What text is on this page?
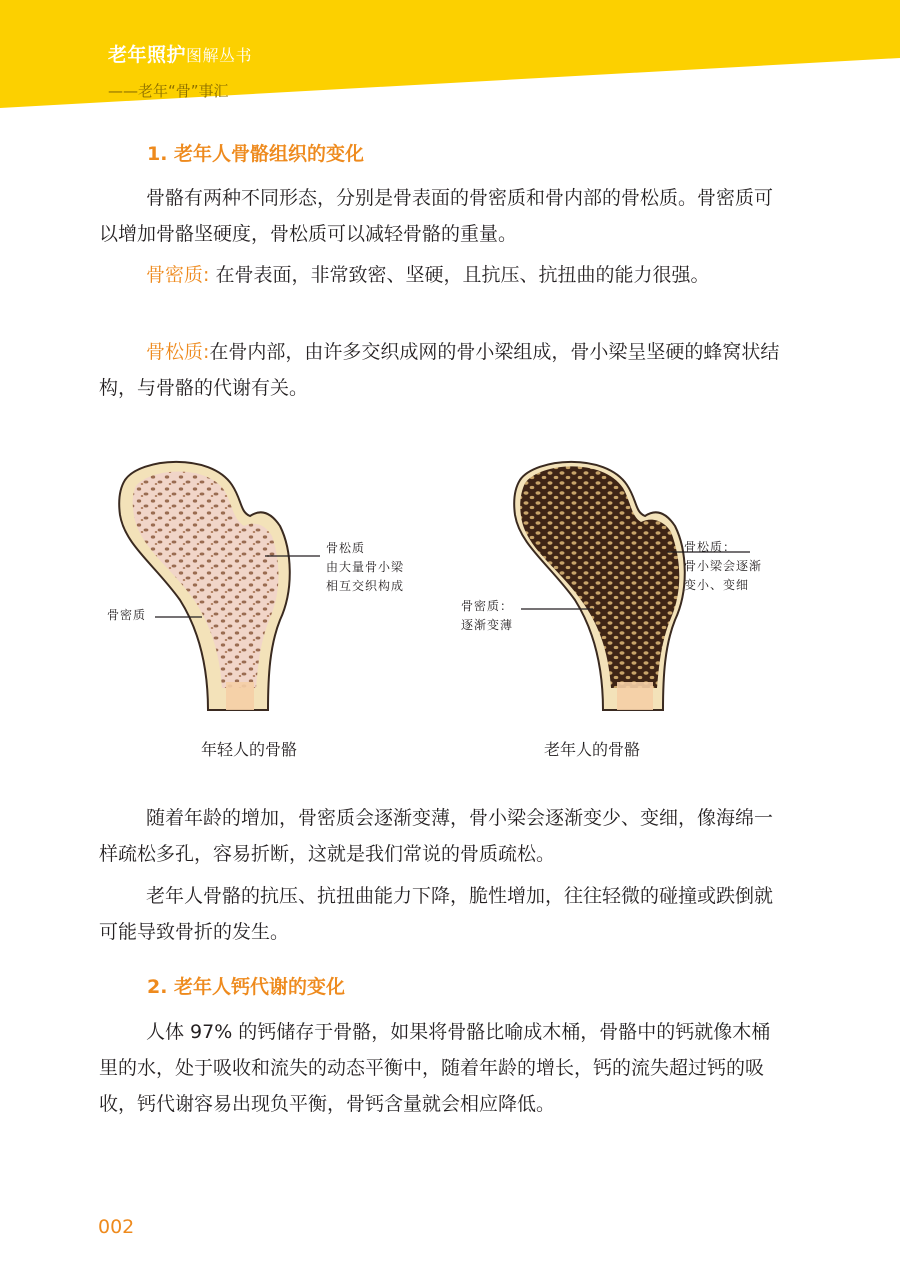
老年照护图解丛书
——老年“骨”事汇
1. 老年人骨骼组织的变化

骨骼有两种不同形态，分别是骨表面的骨密质和骨内部的骨松质。骨密质可以增加骨骼坚硬度，骨松质可以减轻骨骼的重量。

骨密质: 在骨表面，非常致密、坚硬，且抗压、抗扭曲的能力很强。

骨松质:在骨内部，由许多交织成网的骨小梁组成，骨小梁呈坚硬的蜂窝状结构，与骨骼的代谢有关。

骨松质
由大量骨小梁
相互交织构成
骨密质
骨松质：
骨小梁会逐渐
变小、变细
骨密质：
逐渐变薄
年轻人的骨骼	老年人的骨骼

随着年龄的增加，骨密质会逐渐变薄，骨小梁会逐渐变少、变细，像海绵一样疏松多孔，容易折断，这就是我们常说的骨质疏松。

老年人骨骼的抗压、抗扭曲能力下降，脆性增加，往往轻微的碰撞或跌倒就可能导致骨折的发生。

2. 老年人钙代谢的变化

人体 97% 的钙储存于骨骼，如果将骨骼比喻成木桶，骨骼中的钙就像木桶里的水，处于吸收和流失的动态平衡中，随着年龄的增长，钙的流失超过钙的吸收，钙代谢容易出现负平衡，骨钙含量就会相应降低。

002
